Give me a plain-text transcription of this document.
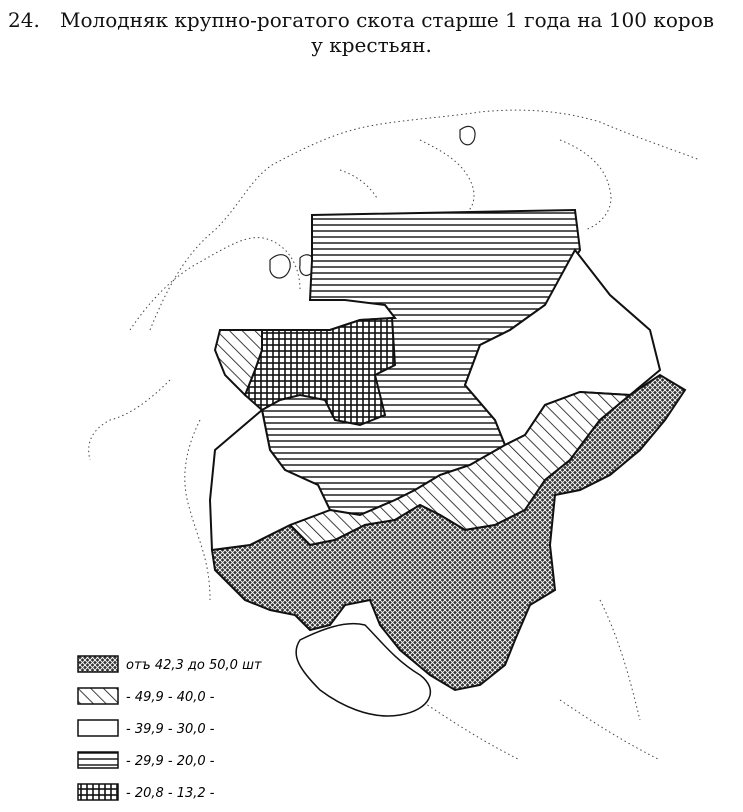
24. Молодняк крупно-рогатого скота старше 1 года на 100 коров
у крестьян.
отъ 42,3 до 50,0 шт
- 49,9 - 40,0 -
- 39,9 - 30,0 -
- 29,9 - 20,0 -
- 20,8 - 13,2 -
